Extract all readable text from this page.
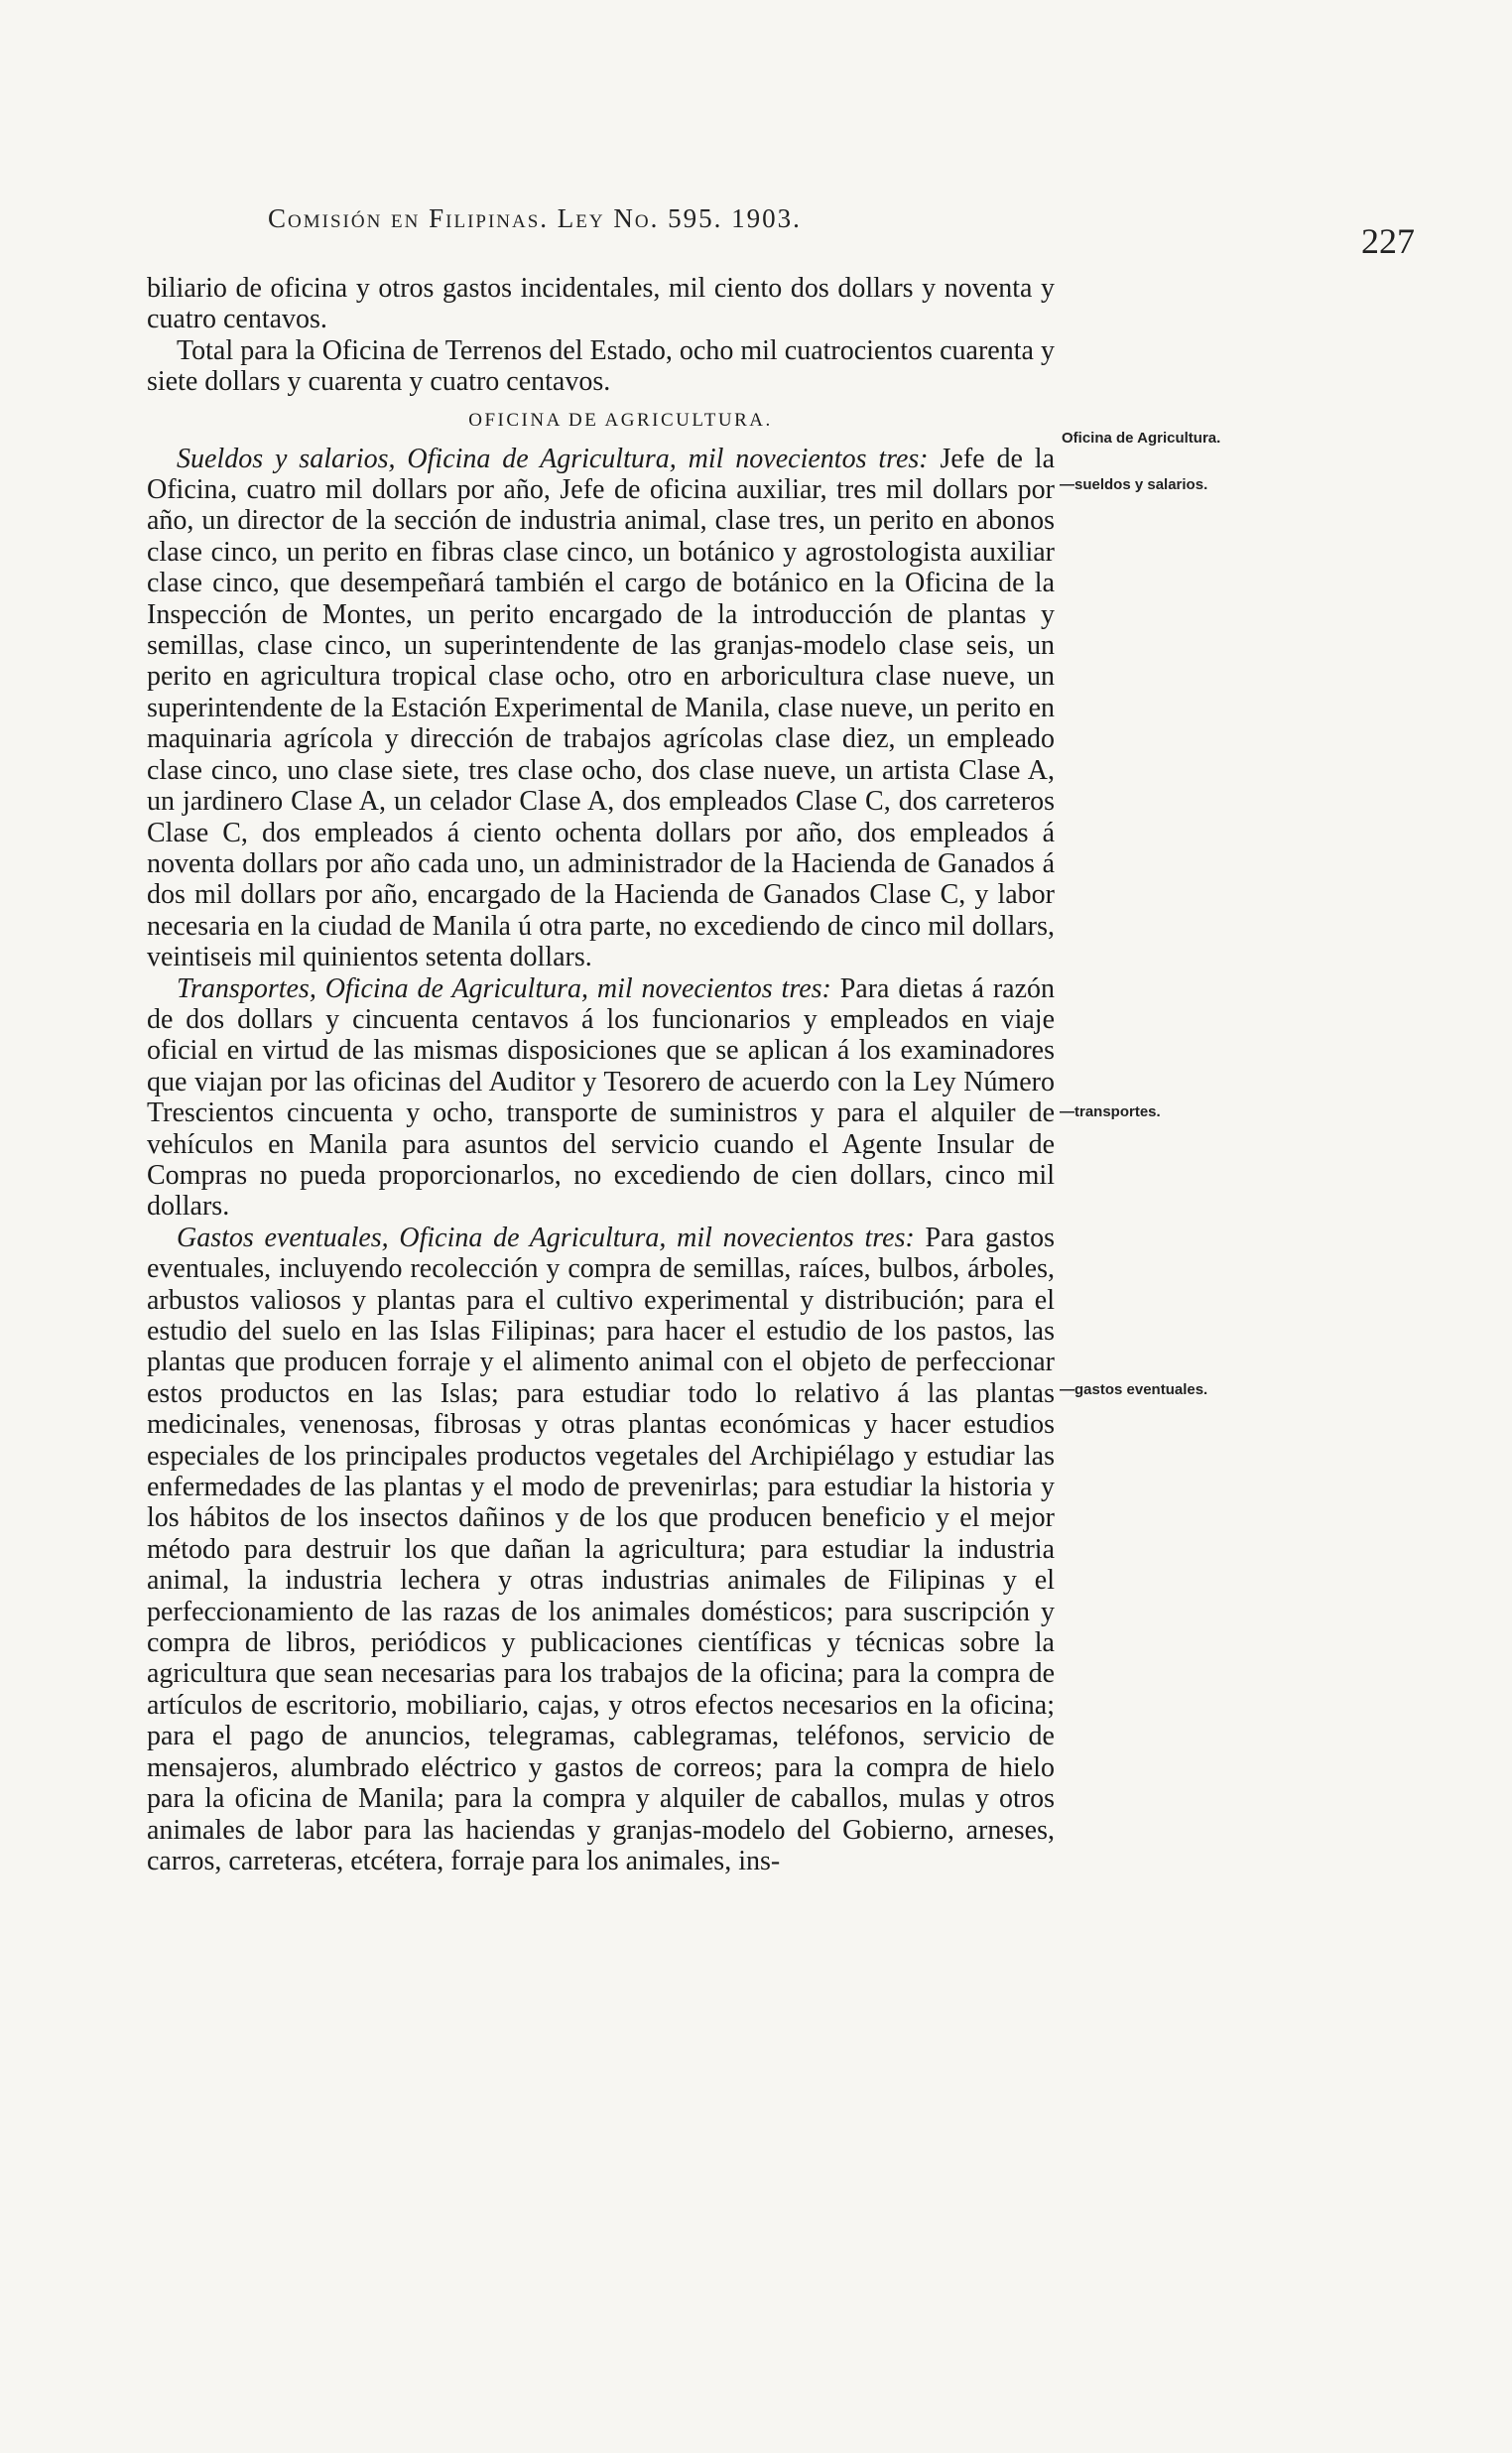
Comisión en Filipinas. Ley No. 595. 1903.
227

biliario de oficina y otros gastos incidentales, mil ciento dos dollars y noventa y cuatro centavos.

Total para la Oficina de Terrenos del Estado, ocho mil cuatrocientos cuarenta y siete dollars y cuarenta y cuatro centavos.

OFICINA DE AGRICULTURA.

Sueldos y salarios, Oficina de Agricultura, mil novecientos tres: Jefe de la Oficina, cuatro mil dollars por año, Jefe de oficina auxiliar, tres mil dollars por año, un director de la sección de industria animal, clase tres, un perito en abonos clase cinco, un perito en fibras clase cinco, un botánico y agrostologista auxiliar clase cinco, que desempeñará también el cargo de botánico en la Oficina de la Inspección de Montes, un perito encargado de la introducción de plantas y semillas, clase cinco, un superintendente de las granjas-modelo clase seis, un perito en agricultura tropical clase ocho, otro en arboricultura clase nueve, un superintendente de la Estación Experimental de Manila, clase nueve, un perito en maquinaria agrícola y dirección de trabajos agrícolas clase diez, un empleado clase cinco, uno clase siete, tres clase ocho, dos clase nueve, un artista Clase A, un jardinero Clase A, un celador Clase A, dos empleados Clase C, dos carreteros Clase C, dos empleados á ciento ochenta dollars por año, dos empleados á noventa dollars por año cada uno, un administrador de la Hacienda de Ganados á dos mil dollars por año, encargado de la Hacienda de Ganados Clase C, y labor necesaria en la ciudad de Manila ú otra parte, no excediendo de cinco mil dollars, veintiseis mil quinientos setenta dollars.

Transportes, Oficina de Agricultura, mil novecientos tres: Para dietas á razón de dos dollars y cincuenta centavos á los funcionarios y empleados en viaje oficial en virtud de las mismas disposiciones que se aplican á los examinadores que viajan por las oficinas del Auditor y Tesorero de acuerdo con la Ley Número Trescientos cincuenta y ocho, transporte de suministros y para el alquiler de vehículos en Manila para asuntos del servicio cuando el Agente Insular de Compras no pueda proporcionarlos, no excediendo de cien dollars, cinco mil dollars.

Gastos eventuales, Oficina de Agricultura, mil novecientos tres: Para gastos eventuales, incluyendo recolección y compra de semillas, raíces, bulbos, árboles, arbustos valiosos y plantas para el cultivo experimental y distribución; para el estudio del suelo en las Islas Filipinas; para hacer el estudio de los pastos, las plantas que producen forraje y el alimento animal con el objeto de perfeccionar estos productos en las Islas; para estudiar todo lo relativo á las plantas medicinales, venenosas, fibrosas y otras plantas económicas y hacer estudios especiales de los principales productos vegetales del Archipiélago y estudiar las enfermedades de las plantas y el modo de prevenirlas; para estudiar la historia y los hábitos de los insectos dañinos y de los que producen beneficio y el mejor método para destruir los que dañan la agricultura; para estudiar la industria animal, la industria lechera y otras industrias animales de Filipinas y el perfeccionamiento de las razas de los animales domésticos; para suscripción y compra de libros, periódicos y publicaciones científicas y técnicas sobre la agricultura que sean necesarias para los trabajos de la oficina; para la compra de artículos de escritorio, mobiliario, cajas, y otros efectos necesarios en la oficina; para el pago de anuncios, telegramas, cablegramas, teléfonos, servicio de mensajeros, alumbrado eléctrico y gastos de correos; para la compra de hielo para la oficina de Manila; para la compra y alquiler de caballos, mulas y otros animales de labor para las haciendas y granjas-modelo del Gobierno, arneses, carros, carreteras, etcétera, forraje para los animales, ins-

Oficina de Agricultura.
—sueldos y salarios.
—transportes.
—gastos eventuales.
